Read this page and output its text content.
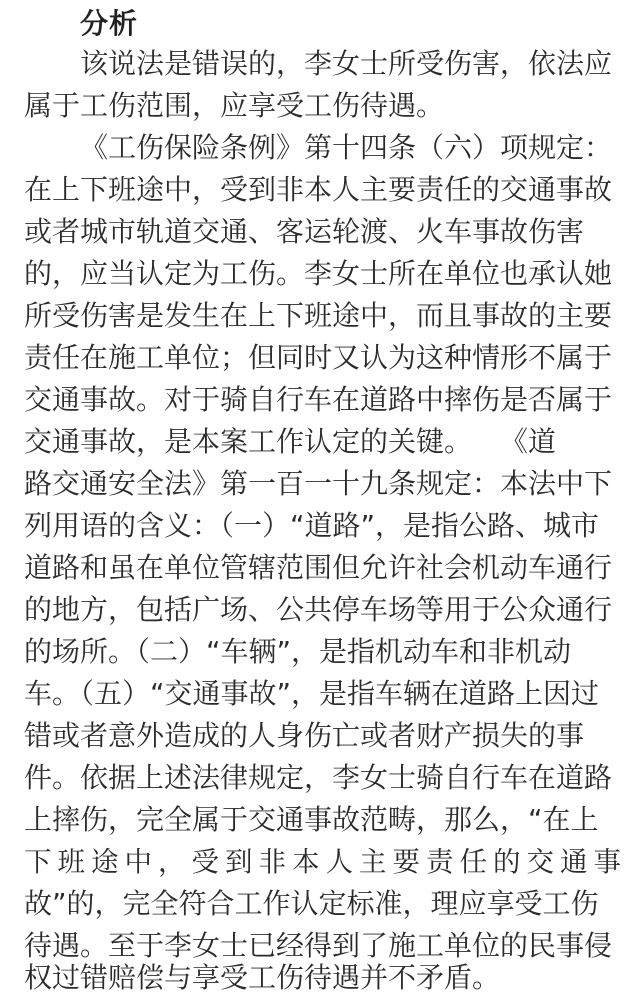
分析
该说法是错误的，李女士所受伤害，依法应
属于工伤范围，应享受工伤待遇。
《工伤保险条例》第十四条（六）项规定：
在上下班途中，受到非本人主要责任的交通事故
或者城市轨道交通、客运轮渡、火车事故伤害
的，应当认定为工伤。李女士所在单位也承认她
所受伤害是发生在上下班途中，而且事故的主要
责任在施工单位；但同时又认为这种情形不属于
交通事故。对于骑自行车在道路中摔伤是否属于
交通事故，是本案工作认定的关键。　　《道
路交通安全法》第一百一十九条规定：本法中下
列用语的含义：（一）“道路”，是指公路、城市
道路和虽在单位管辖范围但允许社会机动车通行
的地方，包括广场、公共停车场等用于公众通行
的场所。（二）“车辆”，是指机动车和非机动
车。（五）“交通事故”，是指车辆在道路上因过
错或者意外造成的人身伤亡或者财产损失的事
件。依据上述法律规定，李女士骑自行车在道路
上摔伤，完全属于交通事故范畴，那么，“在上
下班途中，受到非本人主要责任的交通事
故”的，完全符合工作认定标准，理应享受工伤
待遇。至于李女士已经得到了施工单位的民事侵
权过错赔偿与享受工伤待遇并不矛盾。
